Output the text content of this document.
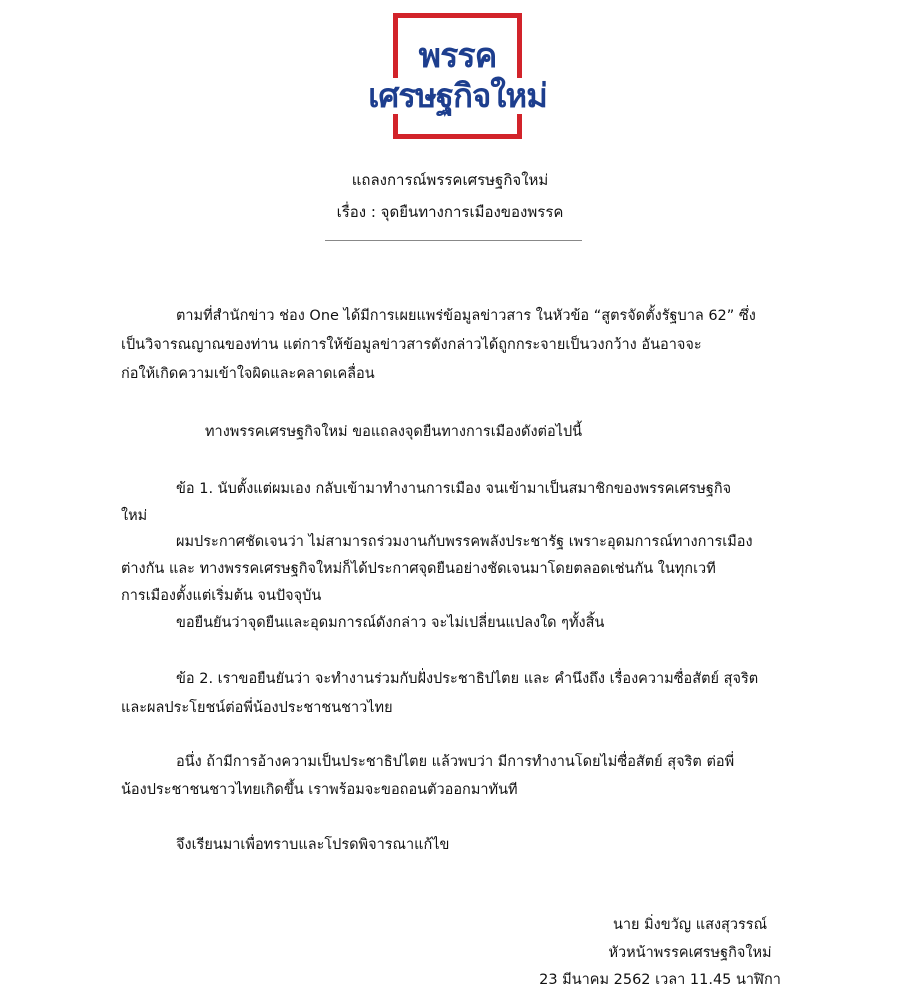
พรรค
เศรษฐกิจใหม่
แถลงการณ์พรรคเศรษฐกิจใหม่
เรื่อง : จุดยืนทางการเมืองของพรรค
ตามที่สำนักข่าว ช่อง One ได้มีการเผยแพร่ข้อมูลข่าวสาร ในหัวข้อ “สูตรจัดตั้งรัฐบาล 62” ซึ่ง
เป็นวิจารณญาณของท่าน แต่การให้ข้อมูลข่าวสารดังกล่าวได้ถูกกระจายเป็นวงกว้าง อันอาจจะ
ก่อให้เกิดความเข้าใจผิดและคลาดเคลื่อน
ทางพรรคเศรษฐกิจใหม่ ขอแถลงจุดยืนทางการเมืองดังต่อไปนี้
ข้อ 1. นับตั้งแต่ผมเอง กลับเข้ามาทำงานการเมือง จนเข้ามาเป็นสมาชิกของพรรคเศรษฐกิจ
ใหม่
ผมประกาศชัดเจนว่า ไม่สามารถร่วมงานกับพรรคพลังประชารัฐ เพราะอุดมการณ์ทางการเมือง
ต่างกัน และ ทางพรรคเศรษฐกิจใหม่ก็ได้ประกาศจุดยืนอย่างชัดเจนมาโดยตลอดเช่นกัน ในทุกเวที
การเมืองตั้งแต่เริ่มต้น จนปัจจุบัน
ขอยืนยันว่าจุดยืนและอุดมการณ์ดังกล่าว จะไม่เปลี่ยนแปลงใด ๆทั้งสิ้น
ข้อ 2. เราขอยืนยันว่า จะทำงานร่วมกับฝั่งประชาธิปไตย และ คำนึงถึง เรื่องความซื่อสัตย์ สุจริต
และผลประโยชน์ต่อพี่น้องประชาชนชาวไทย
อนึ่ง ถ้ามีการอ้างความเป็นประชาธิปไตย แล้วพบว่า มีการทำงานโดยไม่ซื่อสัตย์ สุจริต ต่อพี่
น้องประชาชนชาวไทยเกิดขึ้น เราพร้อมจะขอถอนตัวออกมาทันที
จึงเรียนมาเพื่อทราบและโปรดพิจารณาแก้ไข
นาย มิ่งขวัญ แสงสุวรรณ์
หัวหน้าพรรคเศรษฐกิจใหม่
23 มีนาคม 2562 เวลา 11.45 นาฬิกา
